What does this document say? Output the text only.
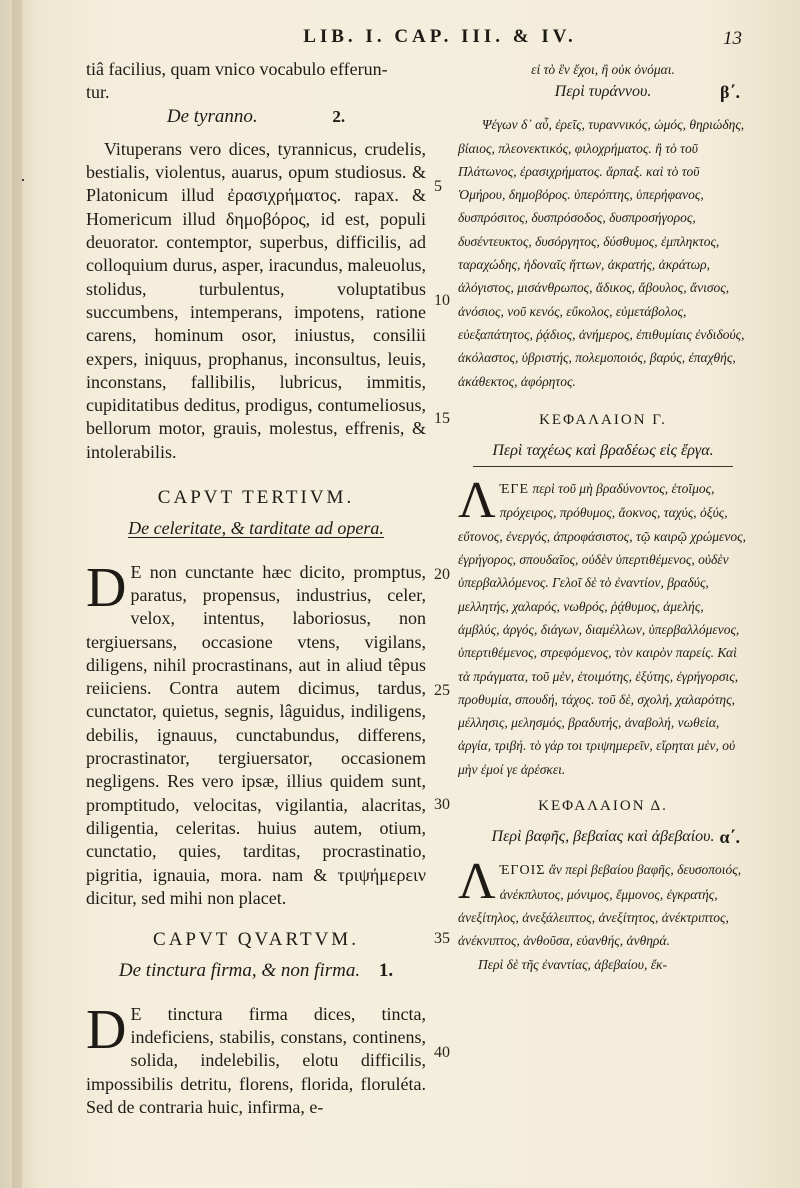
·
LIB. I. CAP. III. & IV.	13

tiâ facilius, quam vnico vocabulo efferun-

tur.

De tyranno.	2.

Vituperans vero dices, tyrannicus, crudelis, bestialis, violentus, auarus, opum studiosus. & Platonicum illud ἐρασιχρήματος. rapax. & Homericum illud δημοβόρος, id est, populi deuorator. contemptor, superbus, difficilis, ad colloquium durus, asper, iracundus, maleuolus, stolidus, turbulentus, voluptatibus succumbens, intemperans, impotens, ratione carens, hominum osor, iniustus, consilii expers, iniquus, prophanus, inconsultus, leuis, inconstans, fallibilis, lubricus, immitis, cupiditatibus deditus, prodigus, contumeliosus, bellorum motor, grauis, molestus, effrenis, & intolerabilis.

CAPVT TERTIVM.

De celeritate, & tarditate ad opera.

D E non cunctante hæc dicito, promptus, paratus, propensus, industrius, celer, velox, intentus, laboriosus, non tergiuersans, occasione vtens, vigilans, diligens, nihil procrastinans, aut in aliud têpus reiiciens. Contra autem dicimus, tardus, cunctator, quietus, segnis, lâguidus, indiligens, debilis, ignauus, cunctabundus, differens, procrastinator, tergiuersator, occasionem negligens. Res vero ipsæ, illius quidem sunt, promptitudo, velocitas, vigilantia, alacritas, diligentia, celeritas. huius autem, otium, cunctatio, quies, tarditas, procrastinatio, pigritia, ignauia, mora. nam & τριψήμερειν dicitur, sed mihi non placet.

CAPVT QVARTVM.

De tinctura firma, & non firma. 1.

D E tinctura firma dices, tincta, indeficiens, stabilis, constans, continens, solida, indelebilis, elotu difficilis, impossibilis detritu, florens, florida, floruléta. Sed de contraria huic, infirma, e-

5
10
15
20
25
30
35
40

εἰ τὸ ἓν ἔχοι, ἢ οὐκ ὀνόμαι.

Περὶ τυράννου.	β΄.

Ψέγων δ᾽ αὖ, ἐρεῖς, τυραννικός, ὠμός, θηριώδης, βίαιος, πλεονεκτικός, φιλοχρήματος. ἢ τὸ τοῦ Πλάτωνος, ἐρασιχρήματος. ἅρπαξ. καὶ τὸ τοῦ Ὁμήρου, δημοβόρος. ὑπερόπτης, ὑπερήφανος, δυσπρόσιτος, δυσπρόσοδος, δυσπροσήγορος, δυσέντευκτος, δυσόργητος, δύσθυμος, ἐμπληκτος, ταραχώδης, ἡδοναῖς ἥττων, ἀκρατής, ἀκράτωρ, ἀλόγιστος, μισάνθρωπος, ἄδικος, ἄβουλος, ἄνισος, ἀνόσιος, νοῦ κενός, εὔκολος, εὐμετάβολος, εὐεξαπάτητος, ῥᾴδιος, ἀνήμερος, ἐπιθυμίαις ἐνδιδούς, ἀκόλαστος, ὑβριστής, πολεμοποιός, βαρύς, ἐπαχθής, ἀκάθεκτος, ἀφόρητος.

ΚΕΦΑΛΑΙΟΝ Γ.

Περὶ ταχέως καὶ βραδέως εἰς ἔργα.

ΛΈΓΕ περὶ τοῦ μὴ βραδύνοντος, ἑτοῖμος, πρόχειρος, πρόθυμος, ἄοκνος, ταχύς, ὀξύς, εὔτονος, ἐνεργός, ἀπροφάσιστος, τῷ καιρῷ χρώμενος, ἐγρήγορος, σπουδαῖος, οὐδὲν ὑπερτιθέμενος, οὐδὲν ὑπερβαλλόμενος. Γελοῖ δὲ τὸ ἐναντίον, βραδύς, μελλητής, χαλαρός, νωθρός, ῥᾴθυμος, ἀμελής, ἀμβλύς, ἀργός, διάγων, διαμέλλων, ὑπερβαλλόμενος, ὑπερτιθέμενος, στρεφόμενος, τὸν καιρὸν παρείς. Καὶ τὰ πράγματα, τοῦ μὲν, ἑτοιμότης, ἐξύτης, ἐγρήγορσις, προθυμία, σπουδή, τάχος. τοῦ δὲ, σχολή, χαλαρότης, μέλλησις, μελησμός, βραδυτής, ἀναβολή, νωθεία, ἀργία, τριβή. τὸ γάρ τοι τριψημερεῖν, εἴρηται μὲν, οὐ μὴν ἐμοί γε ἀρέσκει.

ΚΕΦΑΛΑΙΟΝ Δ.

Περὶ βαφῆς, βεβαίας καὶ ἀβεβαίου. α΄.

ΛΈΓΟΙΣ ἂν περὶ βεβαίου βαφῆς, δευσοποιός, ἀνέκπλυτος, μόνιμος, ἔμμονος, ἐγκρατής, ἀνεξίτηλος, ἀνεξάλειπτος, ἀνεξίτητος, ἀνέκτριπτος, ἀνέκνιπτος, ἀνθοῦσα, εὐανθής, ἀνθηρά.

Περὶ δὲ τῆς ἐναντίας, ἀβεβαίου, ἔκ-
